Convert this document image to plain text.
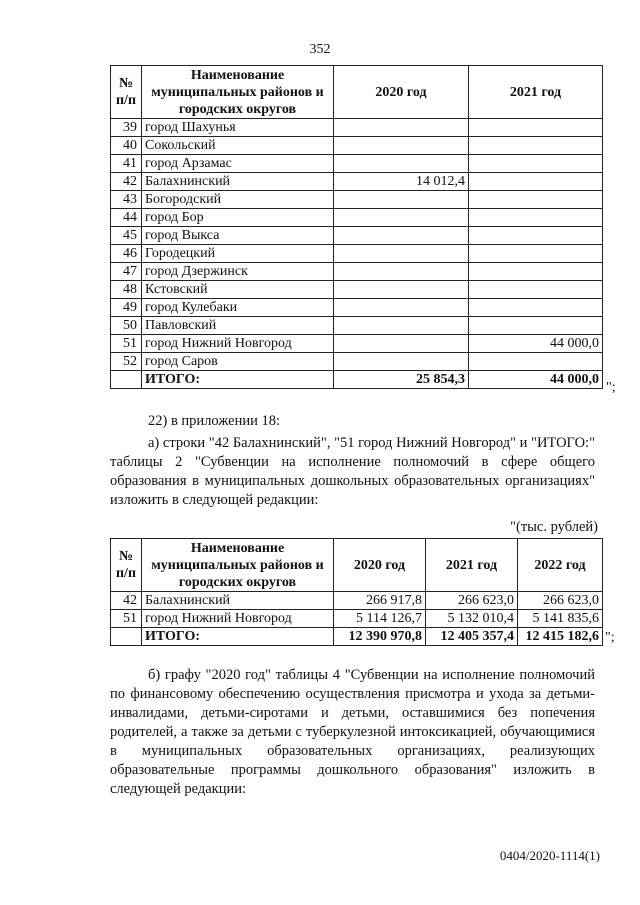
352
№ п/п	Наименование муниципальных районов и городских округов	2020 год	2021 год
39	город Шахунья		
40	Сокольский		
41	город Арзамас		
42	Балахнинский	14 012,4	
43	Богородский		
44	город Бор		
45	город Выкса		
46	Городецкий		
47	город Дзержинск		
48	Кстовский		
49	город Кулебаки		
50	Павловский		
51	город Нижний Новгород		44 000,0
52	город Саров		
	ИТОГО:	25 854,3	44 000,0
";
22) в приложении 18:
а) строки "42 Балахнинский", "51 город Нижний Новгород" и "ИТОГО:" таблицы 2 "Субвенции на исполнение полномочий в сфере общего образования в муниципальных дошкольных образовательных организациях" изложить в следующей редакции:
"(тыс. рублей)
№ п/п	Наименование муниципальных районов и городских округов	2020 год	2021 год	2022 год
42	Балахнинский	266 917,8	266 623,0	266 623,0
51	город Нижний Новгород	5 114 126,7	5 132 010,4	5 141 835,6
	ИТОГО:	12 390 970,8	12 405 357,4	12 415 182,6 ";
б) графу "2020 год" таблицы 4 "Субвенции на исполнение полномочий по финансовому обеспечению осуществления присмотра и ухода за детьми-инвалидами, детьми-сиротами и детьми, оставшимися без попечения родителей, а также за детьми с туберкулезной интоксикацией, обучающимися в муниципальных образовательных организациях, реализующих образовательные программы дошкольного образования" изложить в следующей редакции:
0404/2020-1114(1)
